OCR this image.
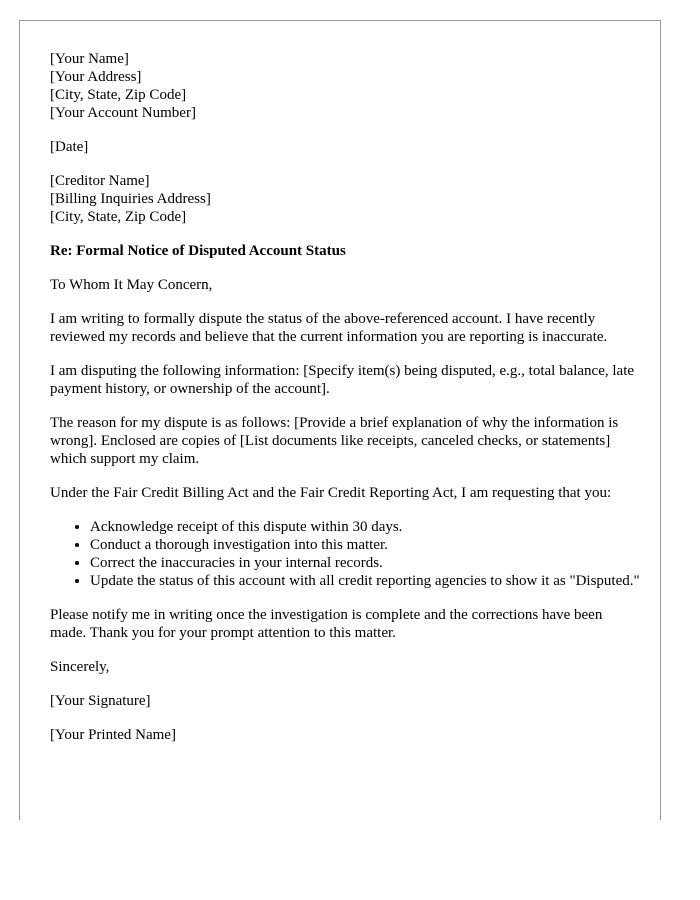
[Your Name]
[Your Address]
[City, State, Zip Code]
[Your Account Number]

[Date]

[Creditor Name]
[Billing Inquiries Address]
[City, State, Zip Code]

Re: Formal Notice of Disputed Account Status

To Whom It May Concern,

I am writing to formally dispute the status of the above-referenced account. I have recently reviewed my records and believe that the current information you are reporting is inaccurate.

I am disputing the following information: [Specify item(s) being disputed, e.g., total balance, late payment history, or ownership of the account].

The reason for my dispute is as follows: [Provide a brief explanation of why the information is wrong]. Enclosed are copies of [List documents like receipts, canceled checks, or statements] which support my claim.

Under the Fair Credit Billing Act and the Fair Credit Reporting Act, I am requesting that you:

• Acknowledge receipt of this dispute within 30 days.
• Conduct a thorough investigation into this matter.
• Correct the inaccuracies in your internal records.
• Update the status of this account with all credit reporting agencies to show it as "Disputed."

Please notify me in writing once the investigation is complete and the corrections have been made. Thank you for your prompt attention to this matter.

Sincerely,

[Your Signature]

[Your Printed Name]
